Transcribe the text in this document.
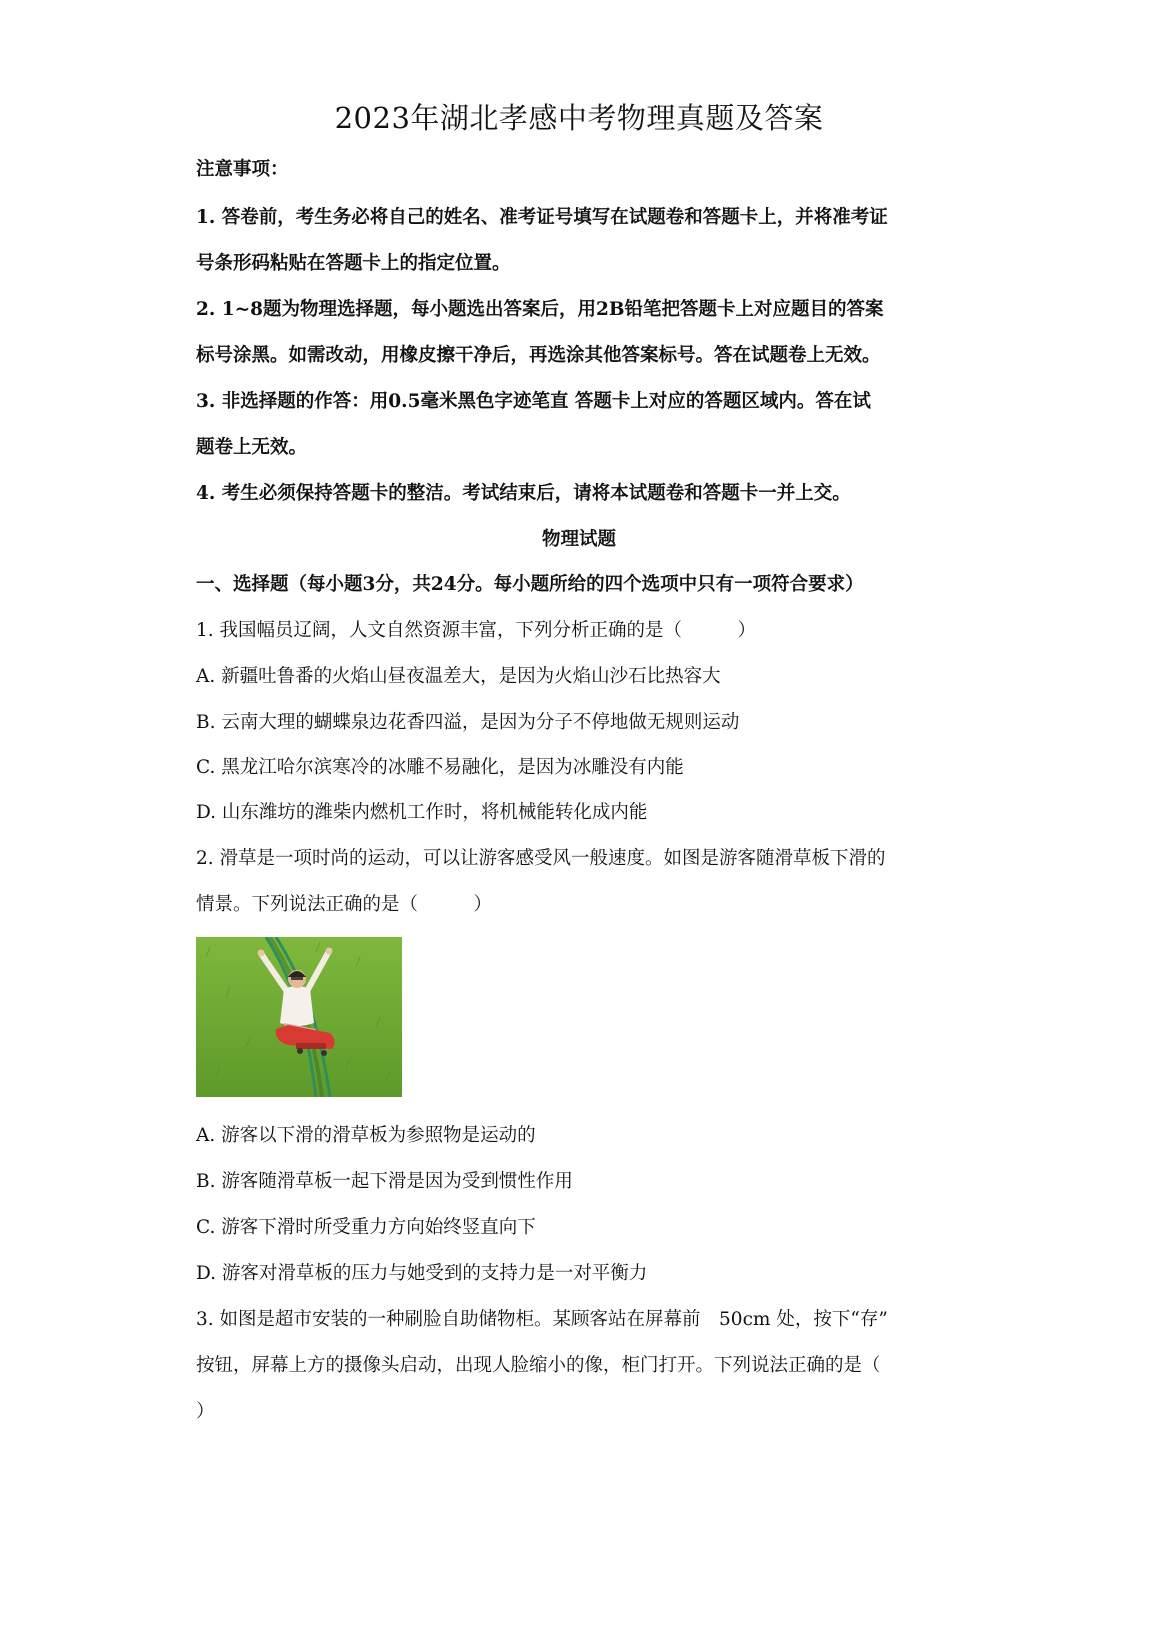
2023年湖北孝感中考物理真题及答案
注意事项：
1. 答卷前，考生务必将自己的姓名、准考证号填写在试题卷和答题卡上，并将准考证
号条形码粘贴在答题卡上的指定位置。
2. 1~8题为物理选择题，每小题选出答案后，用2B铅笔把答题卡上对应题目的答案
标号涂黑。如需改动，用橡皮擦干净后，再选涂其他答案标号。答在试题卷上无效。
3. 非选择题的作答：用0.5毫米黑色字迹笔直 答题卡上对应的答题区域内。答在试
题卷上无效。
4. 考生必须保持答题卡的整洁。考试结束后，请将本试题卷和答题卡一并上交。
物理试题
一、选择题（每小题3分，共24分。每小题所给的四个选项中只有一项符合要求）
1. 我国幅员辽阔，人文自然资源丰富，下列分析正确的是（　　　）
A. 新疆吐鲁番的火焰山昼夜温差大，是因为火焰山沙石比热容大
B. 云南大理的蝴蝶泉边花香四溢，是因为分子不停地做无规则运动
C. 黑龙江哈尔滨寒冷的冰雕不易融化，是因为冰雕没有内能
D. 山东潍坊的潍柴内燃机工作时，将机械能转化成内能
2. 滑草是一项时尚的运动，可以让游客感受风一般速度。如图是游客随滑草板下滑的
情景。下列说法正确的是（　　　）
A. 游客以下滑的滑草板为参照物是运动的
B. 游客随滑草板一起下滑是因为受到惯性作用
C. 游客下滑时所受重力方向始终竖直向下
D. 游客对滑草板的压力与她受到的支持力是一对平衡力
3. 如图是超市安装的一种刷脸自助储物柜。某顾客站在屏幕前　50cm 处，按下“存”
按钮，屏幕上方的摄像头启动，出现人脸缩小的像，柜门打开。下列说法正确的是（
）
